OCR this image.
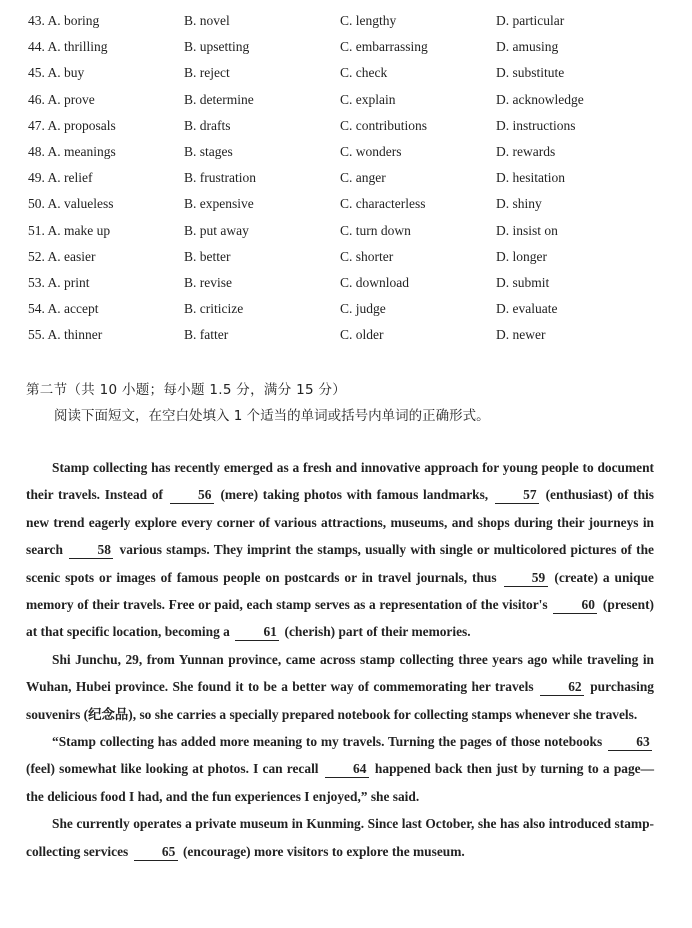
43. A. boring	B. novel	C. lengthy	D. particular
44. A. thrilling	B. upsetting	C. embarrassing	D. amusing
45. A. buy	B. reject	C. check	D. substitute
46. A. prove	B. determine	C. explain	D. acknowledge
47. A. proposals	B. drafts	C. contributions	D. instructions
48. A. meanings	B. stages	C. wonders	D. rewards
49. A. relief	B. frustration	C. anger	D. hesitation
50. A. valueless	B. expensive	C. characterless	D. shiny
51. A. make up	B. put away	C. turn down	D. insist on
52. A. easier	B. better	C. shorter	D. longer
53. A. print	B. revise	C. download	D. submit
54. A. accept	B. criticize	C. judge	D. evaluate
55. A. thinner	B. fatter	C. older	D. newer
第二节（共 10 小题；每小题 1.5 分，满分 15 分）
阅读下面短文，在空白处填入 1 个适当的单词或括号内单词的正确形式。

Stamp collecting has recently emerged as a fresh and innovative approach for young people to document their travels. Instead of	56 (mere) taking photos with famous landmarks,	57 (enthusiast) of this new trend eagerly explore every corner of various attractions, museums, and shops during their journeys in search	58 various stamps. They imprint the stamps, usually with single or multicolored pictures of the scenic spots or images of famous people on postcards or in travel journals, thus	59 (create) a unique memory of their travels. Free or paid, each stamp serves as a representation of the visitor's	60 (present) at that specific location, becoming a	61 (cherish) part of their memories.

Shi Junchu, 29, from Yunnan province, came across stamp collecting three years ago while traveling in Wuhan, Hubei province. She found it to be a better way of commemorating her travels	62 purchasing souvenirs (纪念品), so she carries a specially prepared notebook for collecting stamps whenever she travels.

“Stamp collecting has added more meaning to my travels. Turning the pages of those notebooks	63 (feel) somewhat like looking at photos. I can recall	64 happened back then just by turning to a page—the delicious food I had, and the fun experiences I enjoyed,” she said.

She currently operates a private museum in Kunming. Since last October, she has also introduced stamp-collecting services	65 (encourage) more visitors to explore the museum.
